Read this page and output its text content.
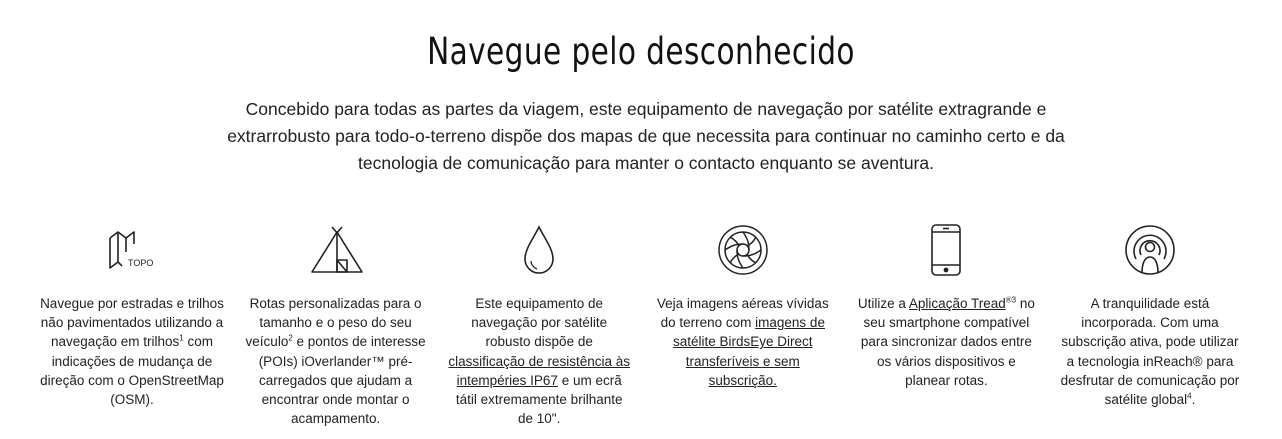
Navegue pelo desconhecido

Concebido para todas as partes da viagem, este equipamento de navegação por satélite extragrande e extrarrobusto para todo-o-terreno dispõe dos mapas de que necessita para continuar no caminho certo e da tecnologia de comunicação para manter o contacto enquanto se aventura.

TOPO
Navegue por estradas e trilhos não pavimentados utilizando a navegação em trilhos$^1$ com indicações de mudança de direção com o OpenStreetMap (OSM).
Rotas personalizadas para o tamanho e o peso do seu veículo$^2$ e pontos de interesse (POIs) iOverlander™ pré-carregados que ajudam a encontrar onde montar o acampamento.
Este equipamento de navegação por satélite robusto dispõe de classificação de resistência às intempéries IP67 e um ecrã tátil extremamente brilhante de 10".
Veja imagens aéreas vívidas do terreno com imagens de satélite BirdsEye Direct transferíveis e sem subscrição.
Utilize a Aplicação Tread$^{®3}$ no seu smartphone compatível para sincronizar dados entre os vários dispositivos e planear rotas.
A tranquilidade está incorporada. Com uma subscrição ativa, pode utilizar a tecnologia inReach® para desfrutar de comunicação por satélite global$^4$.
